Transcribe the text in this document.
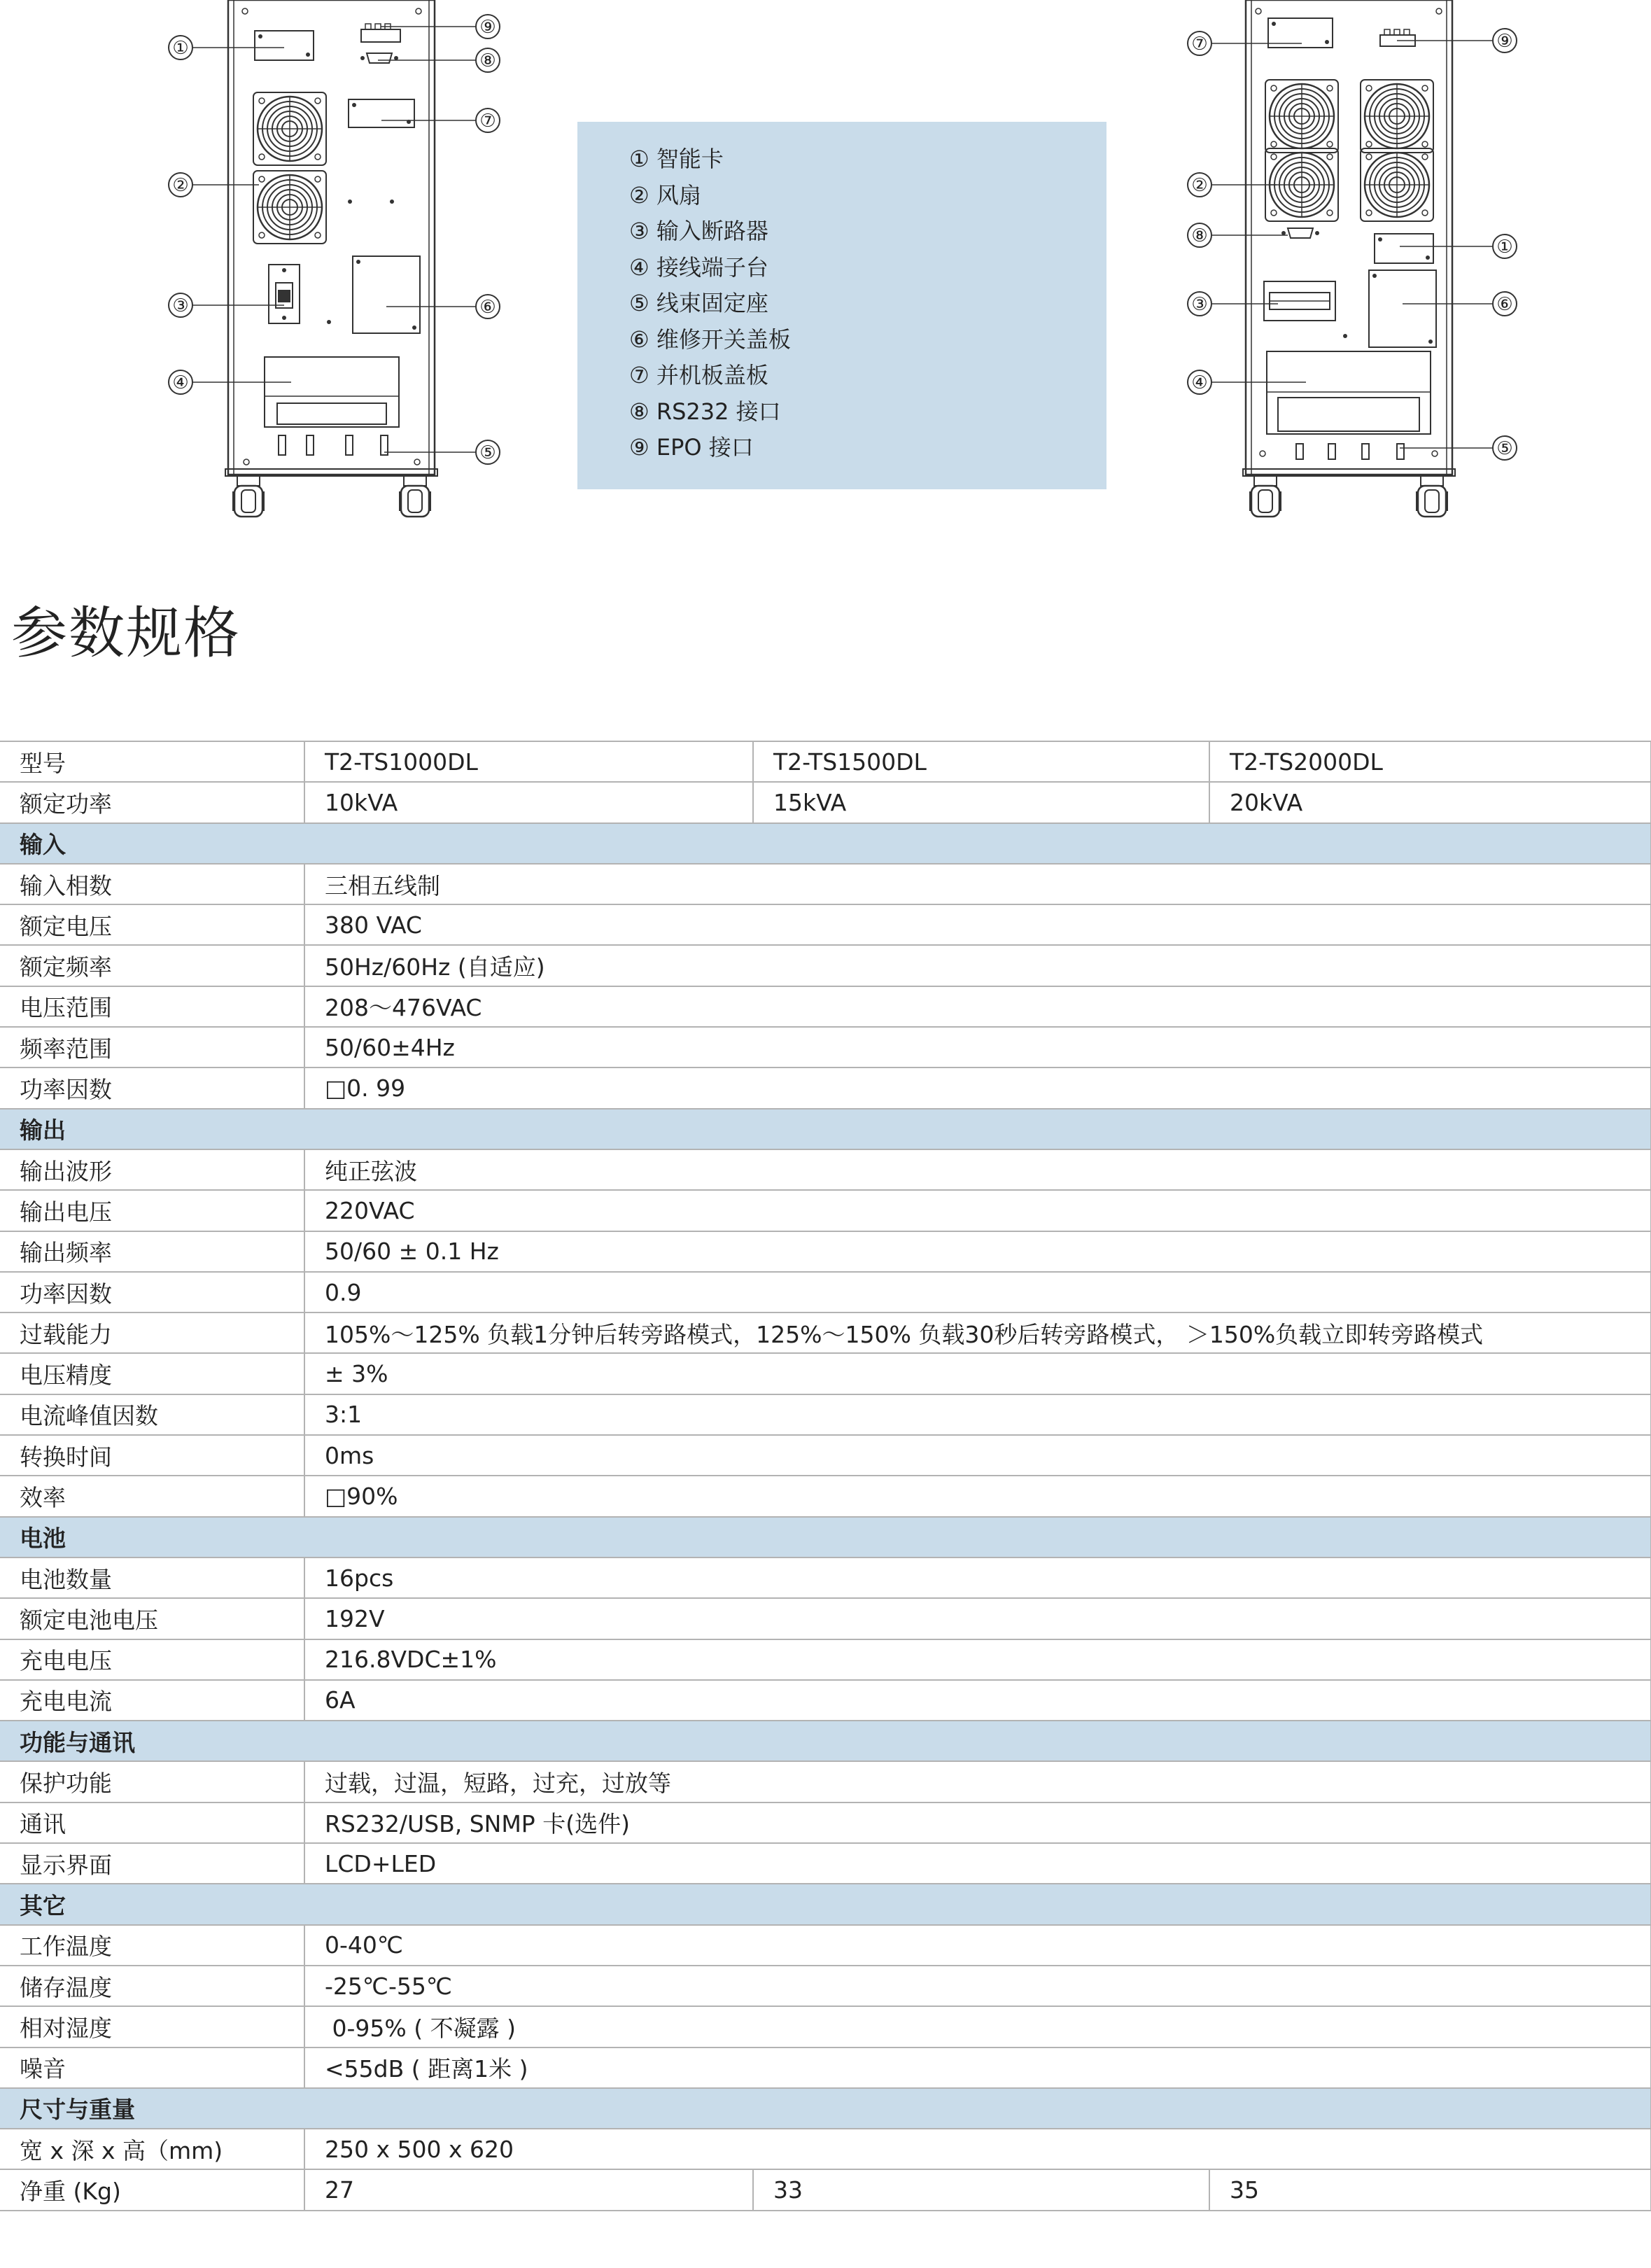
①
②
③
④
⑤
⑥
⑦
⑧
⑨
⑦
②
⑧
③
④
⑨
①
⑥
⑤
① 智能卡
② 风扇
③ 输入断路器
④ 接线端子台
⑤ 线束固定座
⑥ 维修开关盖板
⑦ 并机板盖板
⑧ RS232 接口
⑨ EPO 接口
参数规格
型号	T2-TS1000DL	T2-TS1500DL	T2-TS2000DL
额定功率	10kVA	15kVA	20kVA
输入			
输入相数	三相五线制		
额定电压	380 VAC		
额定频率	50Hz/60Hz (自适应)		
电压范围	208～476VAC		
频率范围	50/60±4Hz		
功率因数	□0. 99		
输出			
输出波形	纯正弦波		
输出电压	220VAC		
输出频率	50/60 ± 0.1 Hz		
功率因数	0.9		
过载能力	105%～125% 负载1分钟后转旁路模式，125%～150% 负载30秒后转旁路模式， ＞150%负载立即转旁路模式		
电压精度	± 3%		
电流峰值因数	3:1		
转换时间	0ms		
效率	□90%		
电池			
电池数量	16pcs		
额定电池电压	192V		
充电电压	216.8VDC±1%		
充电电流	6A		
功能与通讯			
保护功能	过载，过温，短路，过充，过放等		
通讯	RS232/USB, SNMP 卡(选件)		
显示界面	LCD+LED		
其它			
工作温度	0-40℃		
储存温度	-25℃-55℃		
相对湿度	0-95% ( 不凝露 )		
噪音	<55dB ( 距离1米 )		
尺寸与重量			
宽 x 深 x 高（mm)	250 x 500 x 620		
净重 (Kg)	27	33	35
